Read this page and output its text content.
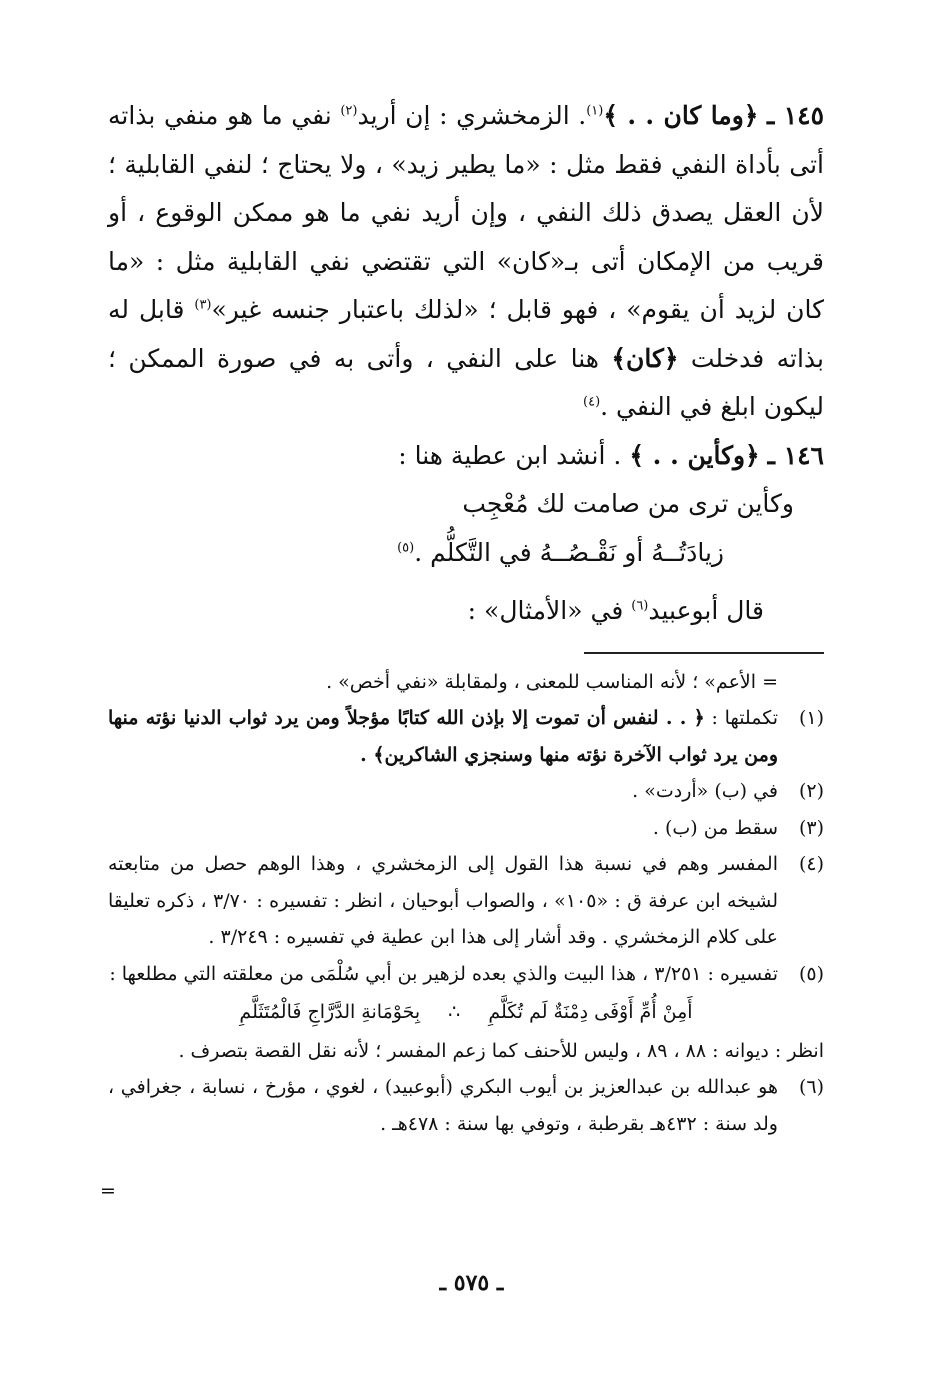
١٤٥ ـ ﴿وما كان . . ﴾$^{(١)}$. الزمخشري : إن أريد$^{(٢)}$ نفي ما هو منفي بذاته أتى بأداة النفي فقط مثل : «ما يطير زيد» ، ولا يحتاج ؛ لنفي القابلية ؛ لأن العقل يصدق ذلك النفي ، وإن أريد نفي ما هو ممكن الوقوع ، أو قريب من الإمكان أتى بـ«كان» التي تقتضي نفي القابلية مثل : «ما كان لزيد أن يقوم» ، فهو قابل ؛ «لذلك باعتبار جنسه غير»$^{(٣)}$ قابل له بذاته فدخلت ﴿كان﴾ هنا على النفي ، وأتى به في صورة الممكن ؛ ليكون ابلغ في النفي .$^{(٤)}$

١٤٦ ـ ﴿وكأين . . ﴾ . أنشد ابن عطية هنا :

وكأين ترى من صامت لك مُعْجِب

زيادَتُــهُ أو نَقْـصُــهُ في التَّكلُّم .$^{(٥)}$

قال أبوعبيد$^{(٦)}$ في «الأمثال» :

= الأعم» ؛ لأنه المناسب للمعنى ، ولمقابلة «نفي أخص» .

(١)
تكملتها : ﴿ . . لنفس أن تموت إلا بإذن الله كتابًا مؤجلاً ومن يرد ثواب الدنيا نؤته منها ومن يرد ثواب الآخرة نؤته منها وسنجزي الشاكرين﴾ .

(٢)
في (ب) «أردت» .

(٣)
سقط من (ب) .

(٤)
المفسر وهم في نسبة هذا القول إلى الزمخشري ، وهذا الوهم حصل من متابعته لشيخه ابن عرفة ق : «١٠٥» ، والصواب أبوحيان ، انظر : تفسيره : ٣/٧٠ ، ذكره تعليقا على كلام الزمخشري . وقد أشار إلى هذا ابن عطية في تفسيره : ٣/٢٤٩ .

(٥)
تفسيره : ٣/٢٥١ ، هذا البيت والذي بعده لزهير بن أبي سُلْمَى من معلقته التي مطلعها :

أَمِنْ أُمِّ أَوْفَى دِمْنَةٌ لَم تُكَلَّمِ ∴ بِحَوْمَانةِ الدَّرَّاجِ فَالْمُتَثَلَّمِ

انظر : ديوانه : ٨٨ ، ٨٩ ، وليس للأحنف كما زعم المفسر ؛ لأنه نقل القصة بتصرف .

(٦)
هو عبدالله بن عبدالعزيز بن أيوب البكري (أبوعبيد) ، لغوي ، مؤرخ ، نسابة ، جغرافي ، ولد سنة : ٤٣٢هـ بقرطبة ، وتوفي بها سنة : ٤٧٨هـ .

=
ـ ٥٧٥ ـ
